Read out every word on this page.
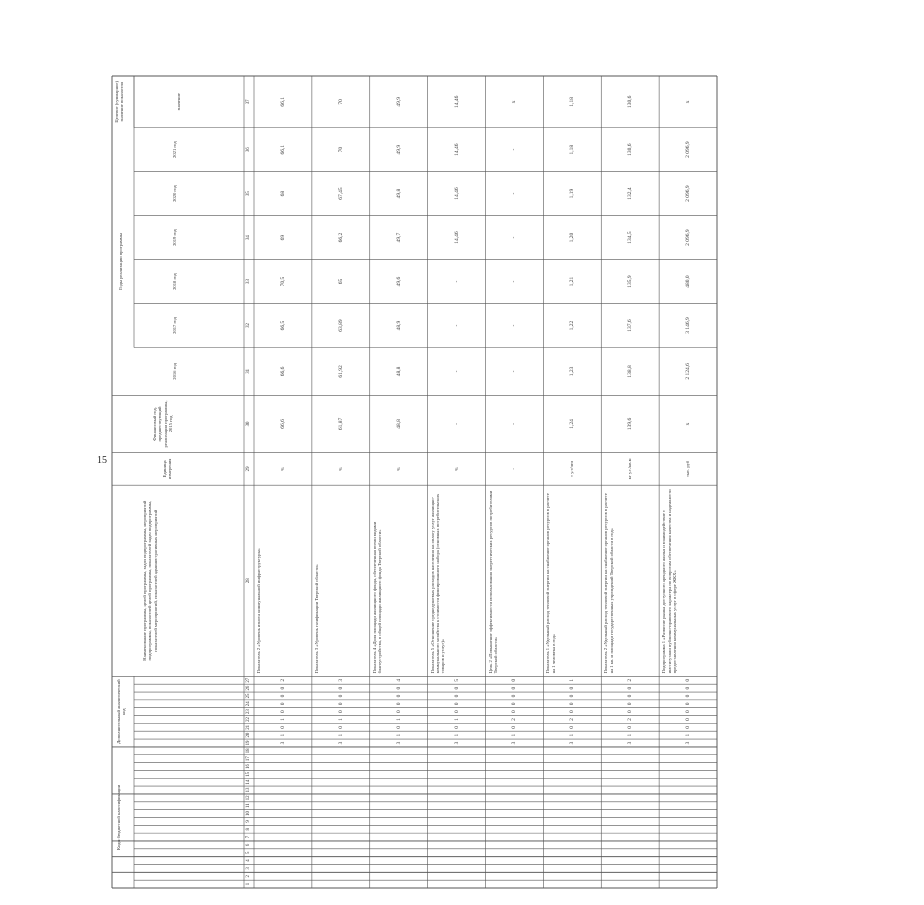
15
Коды бюджетной классификации
Дополнительный аналитический код
Наименование программы, целей программы, задач подпрограммы, мероприятий подпрограммы, показателей целей программы, показателей задач подпрограммы, показателей мероприятий, показателей административных мероприятий
Единица измерения
Финансовый год, предшествующий реализации программы, 2015 год
Годы реализации программы
2016 год
2017 год
2018 год
2019 год
2020 год
2021 год
Целевое (суммарное) значение показателя	значение
1
2
3
4
5
6
7
8
9
10
11
12
13
14
15
16
17
18
19
20
21
22
23
24
25
26
27
28
29
30
31
32
33
34
35
36
37
3
1
0
1
0
0
0
0
2
Показатель 2 «Уровень износа коммунальной инфраструктуры»
%
66,6
66,6
66,5
70,5
69
68
66,1
66,1
3
1
0
1
0
0
0
0
3
Показатель 3 «Уровень газификации Тверской области»
%
61,87
61,92
63,89
65
66,2
67,45
70
70
3
1
0
1
0
0
0
0
4
Показатель 4 «Доля площади жилищного фонда, обеспеченная всеми видами благоустройства, в общей площади жилищного фонда Тверской области»
%
48,8
48,8
48,9
49,6
49,7
49,8
49,9
49,9
3
1
0
1
0
0
0
0
5
Показатель 5 «Отношение среднедушевых расходов населения на оплату услуг жилищно-коммунального хозяйства к стоимости фиксированного набора (основных потребительских товаров и услуг)»
%
-
-
-
-
14,46
14,46
14,46
14,46
3
1
0
2
0
0
0
0
0
Цель 2 «Повышение эффективности использования энергетических ресурсов потребителями Тверской области»
-
-
-
-
-
-
-
-
x
3
1
0
2
0
0
0
0
1
Показатель 1 «Удельный расход тепловой энергии на снабжение органов ресурсов в расчете на 1 человека в год»
т у.т/чел
1,24
1,23
1,22
1,21
1,20
1,19
1,18
1,18
3
1
0
2
0
0
0
0
2
Показатель 2 «Удельный расход тепловой энергии на снабжение органов ресурсов в расчете на 1 кв. м площади государственных учреждений Тверской области в год»
кг у.т./кв.м
139,6
138,8
137,6
135,9
134,5
132,4
130,6
130,6
3
1
0
0
0
0
0
0
0
Подпрограмма 1 «Развитие рынка доступного арендного жилья и взаимодействие с институтами публично-правового характера по вопросам обеспечения качества и надежности предоставления коммунальных услуг в сфере ЖКХ»
тыс. руб
x
2 124,6
3 146,9
480,0
2 096,9
2 096,9
2 096,9
x
